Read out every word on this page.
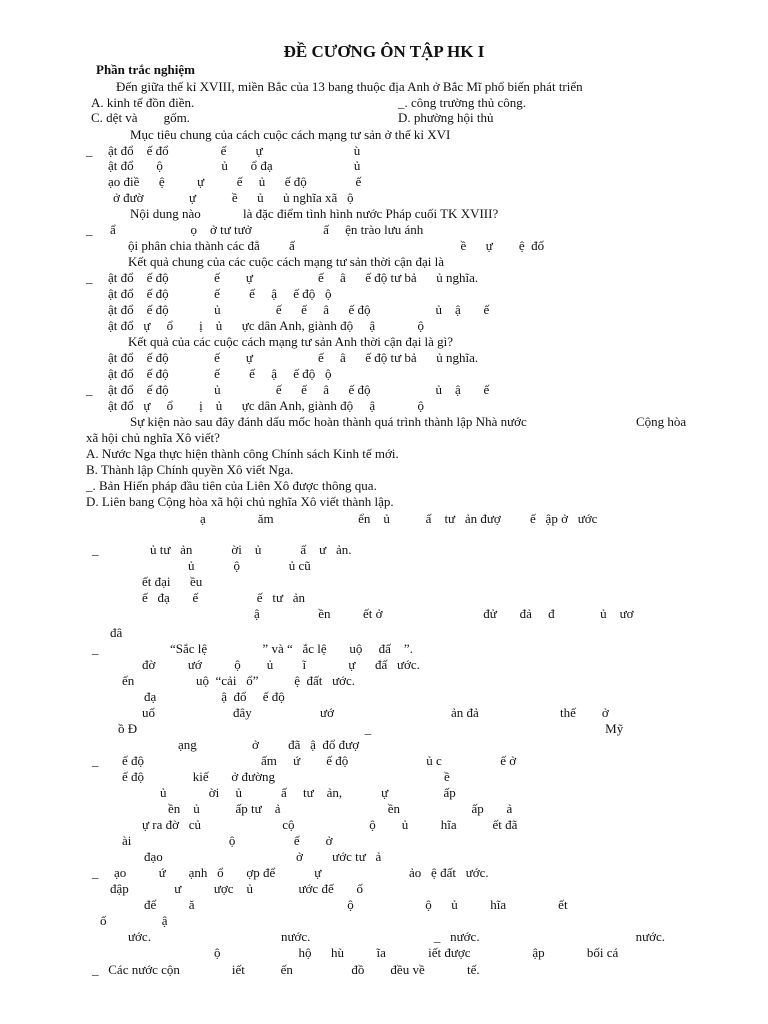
ĐỀ CƯƠNG ÔN TẬP HK I
Phần trắc nghiệm
Đến giữa thế kỉ XVIII, miền Bắc của 13 bang thuộc địa Anh ở Bắc Mĩ phổ biến phát triển
A. kinh tế đồn điền.	_. công trường thủ công.
C. dệt và        gốm.	D. phường hội thủ
Mục tiêu chung của cách cuộc cách mạng tư sản ở thế kỉ XVI
_ ật đổ    ế đổ                ế         ự                            ù
ật đổ       ộ                  ủ       ổ đạ                         ủ
ạo điề      ệ          ự          ế     ủ      ế độ               ế
ở đườ              ự           ề      ủ      ủ nghĩa xã   ộ
Nội dung nào             là đặc điểm tình hình nước Pháp cuối TK XVIII?
_ ẩ                       ọ    ở tư tưở                      ấ     ện trào lưu ánh
ội phân chia thành các đẳ         ấ                                                   ề      ự        ệ  đố
Kết quả chung của các cuộc cách mạng tư sản thời cận đại là
_ ật đổ    ế độ              ế        ự                    ế     â      ế độ tư bả      ủ nghĩa.
ật đổ    ế độ              ế         ế     ậ     ế độ   ộ
ật đổ    ế độ              ủ                 ế      ế     â      ế độ                    ủ    ậ       ế
ật đổ   ự     ổ        ị    ủ      ực dân Anh, giành độ     ậ             ộ
Kết quả của các cuộc cách mạng tư sản Anh thời cận đại là gì?
ật đổ    ế độ              ế        ự                    ế     â      ế độ tư bả      ủ nghĩa.
ật đổ    ế độ              ế         ế     ậ     ế độ   ộ
_ ật đổ    ế độ              ủ                 ế      ế     â      ế độ                    ủ    ậ       ế
ật đổ   ự     ổ        ị    ủ      ực dân Anh, giành độ     ậ             ộ
Sự kiện nào sau đây đánh dấu mốc hoàn thành quá trình thành lập Nhà nước	Cộng hòa
xã hội chủ nghĩa Xô viết?
A. Nước Nga thực hiện thành công Chính sách Kinh tế mới.
B. Thành lập Chính quyền Xô viết Nga.
_. Bản Hiến pháp đầu tiên của Liên Xô được thông qua.
D. Liên bang Cộng hòa xã hội chủ nghĩa Xô viết thành lập.
ạ                ăm                          ển    ủ           ấ    tư   ản đượ         ế   ập ở   ước
_	ủ tư   ản            ời    ủ            ấ    ư   ản.
ủ            ộ               ủ cũ
ết đại      ều
ế   đạ       ế                  ế   tư   ản
ậ                  ền          ết ở                               đử       đả     đ              ủ    ươ
đâ
_	“Sắc lệ                 ” và “   ắc lệ       uộ     đấ    ”.
đờ          ướ          ộ        ủ         ĩ             ự      đấ   ước.
ến                   uộ  “cải   ổ”           ệ  đất   ước.
đạ                    ậ  đổ     ế độ
uố                        đây                     ướ                                    ản đả                         thế        ở
ồ Đ                                                                      _                                                                        Mỹ
ạng                 ở         đã   ậ  đổ đượ
_ ế độ                                    ấm     ứ        ế độ                        ủ c                  ế ở
ế độ               kiế       ở đường                                                    ề
ủ             ời     ủ            ấ     tư    ản,            ự                 ấp
ền    ủ           ấp tư    ả                                 ền                      ấp       ả
ự ra đờ   củ                         cộ                       ộ        ủ          hĩa           ết đã
ài                              ộ                  ế        ở
đạo                                         ở         ước tư   ả
_ ạo          ứ       ạnh   ổ       ợp để            ự                           ảo   ệ đất   ước.
đập              ư          ược    ủ              ước đế       ố
để          ă                                               ộ                      ộ      ủ          hĩa                ết
ố                 ậ
ước.                                        nước.                                      _   nước.                                                nước.
ộ                        hộ      hù          ĩa             iết được                   ập             bối cá
_   Các nước cộn                iết           ến                  đồ        đều về             tế.
